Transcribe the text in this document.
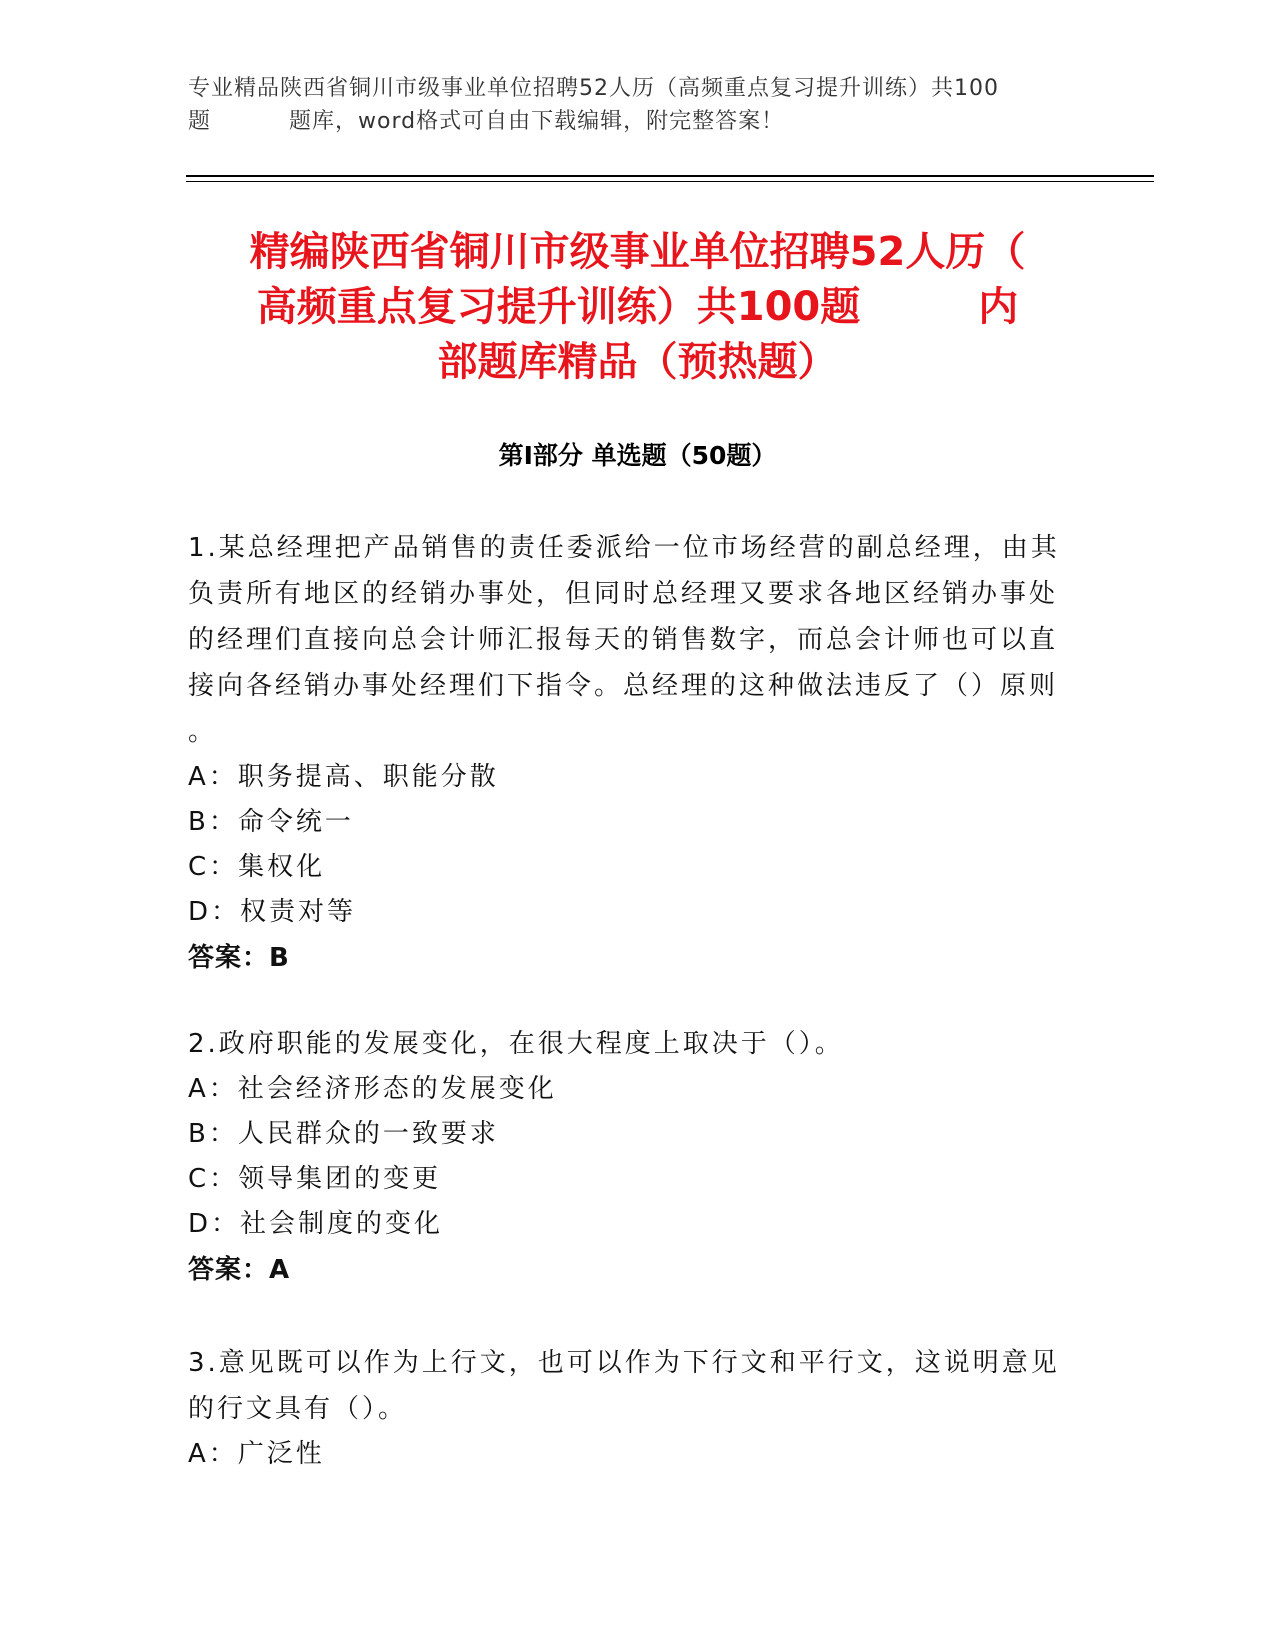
专业精品陕西省铜川市级事业单位招聘52人历（高频重点复习提升训练）共100
题	题库，word格式可自由下载编辑，附完整答案！
精编陕西省铜川市级事业单位招聘52人历（
高频重点复习提升训练）共100题	内
部题库精品（预热题）
第Ⅰ部分 单选题（50题）
1.某总经理把产品销售的责任委派给一位市场经营的副总经理，由其
负责所有地区的经销办事处，但同时总经理又要求各地区经销办事处
的经理们直接向总会计师汇报每天的销售数字，而总会计师也可以直
接向各经销办事处经理们下指令。总经理的这种做法违反了（）原则
。
A：职务提高、职能分散
B：命令统一
C：集权化
D：权责对等
答案：B
2.政府职能的发展变化，在很大程度上取决于（）。
A：社会经济形态的发展变化
B：人民群众的一致要求
C：领导集团的变更
D：社会制度的变化
答案：A
3.意见既可以作为上行文，也可以作为下行文和平行文，这说明意见
的行文具有（）。
A：广泛性
